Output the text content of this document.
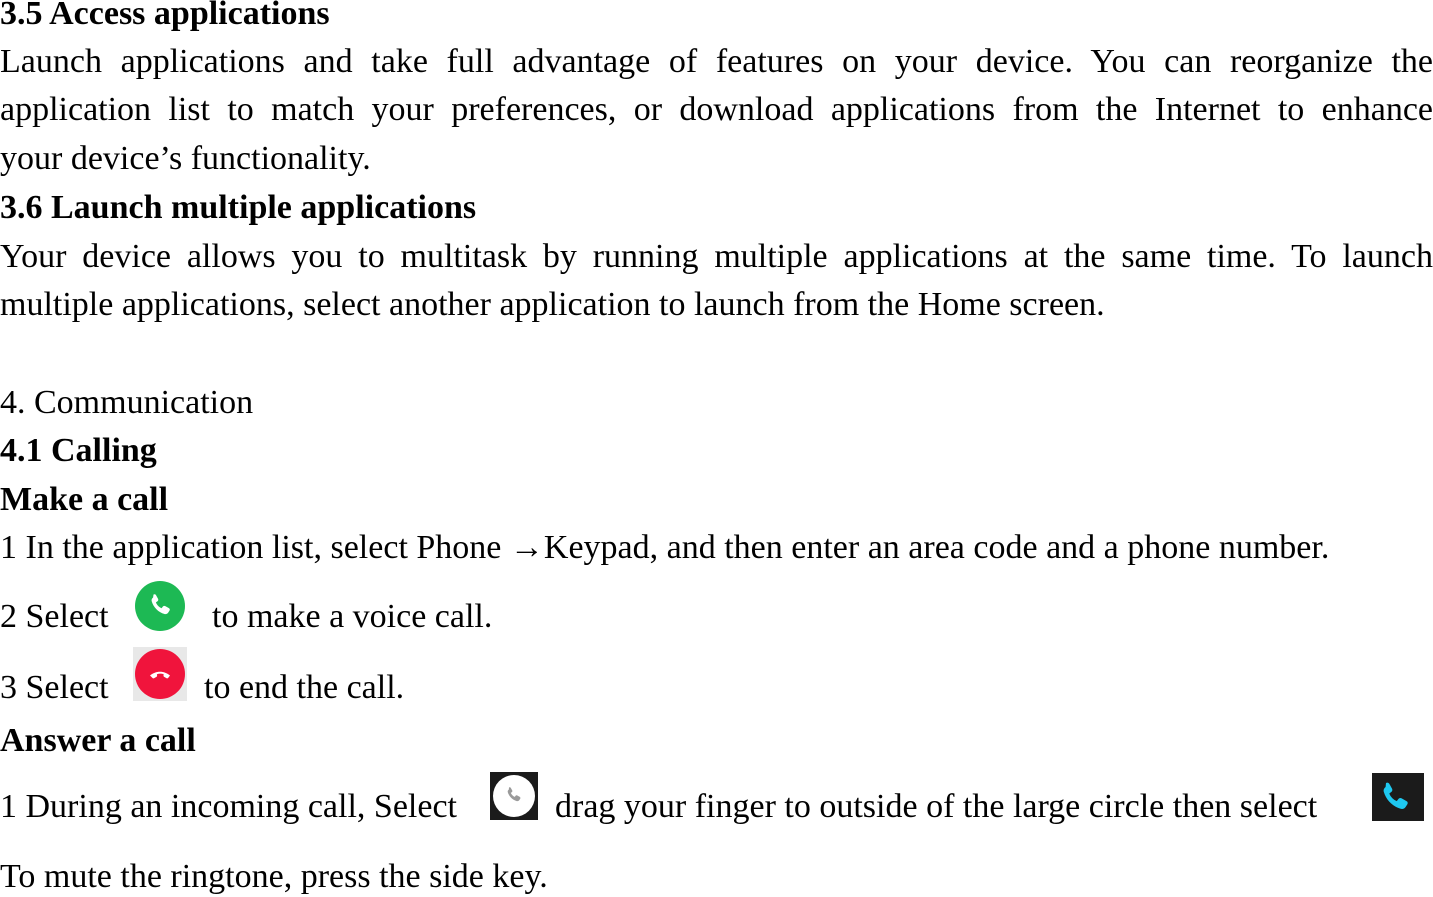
3.5 Access applications
Launch applications and take full advantage of features on your device. You can reorganize the
application list to match your preferences, or download applications from the Internet to enhance
your device’s functionality.
3.6 Launch multiple applications
Your device allows you to multitask by running multiple applications at the same time. To launch
multiple applications, select another application to launch from the Home screen.
4. Communication
4.1 Calling
Make a call
1 In the application list, select Phone →Keypad, and then enter an area code and a phone number.
2 Select	to make a voice call.
3 Select	to end the call.
Answer a call
1 During an incoming call, Select	drag your finger to outside of the large circle then select
To mute the ringtone, press the side key.
